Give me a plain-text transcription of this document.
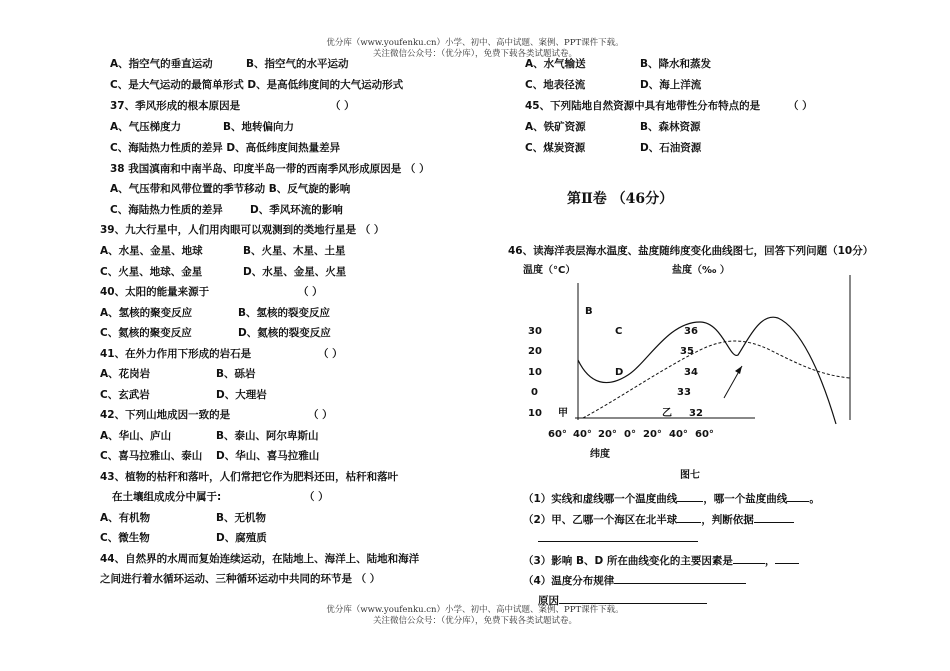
优分库（www.youfenku.cn）小学、初中、高中试题、案例、PPT课件下载。
关注微信公众号：（优分库），免费下载各类试题试卷。
优分库（www.youfenku.cn）小学、初中、高中试题、案例、PPT课件下载。
关注微信公众号：（优分库），免费下载各类试题试卷。
A、指空气的垂直运动	B、指空气的水平运动
C、是大气运动的最简单形式 D、是高低纬度间的大气运动形式
37、季风形成的根本原因是	（ ）
A、气压梯度力	B、地转偏向力
C、海陆热力性质的差异 D、高低纬度间热量差异
38 我国滇南和中南半岛、印度半岛一带的西南季风形成原因是 （ ）
A、气压带和风带位置的季节移动 B、反气旋的影响
C、海陆热力性质的差异	D、季风环流的影响
39、九大行星中，人们用肉眼可以观测到的类地行星是 （ ）
A、水星、金星、地球	B、火星、木星、土星
C、火星、地球、金星	D、水星、金星、火星
40、太阳的能量来源于	（ ）
A、氢核的聚变反应	B、氢核的裂变反应
C、氦核的聚变反应	D、氦核的裂变反应
41、在外力作用下形成的岩石是	（ ）
A、花岗岩	B、砾岩
C、玄武岩	D、大理岩
42、下列山地成因一致的是	（ ）
A、华山、庐山	B、泰山、阿尔卑斯山
C、喜马拉雅山、泰山 D、华山、喜马拉雅山
43、植物的枯秆和落叶，人们常把它作为肥料还田，枯秆和落叶
在土壤组成成分中属于:	（ ）
A、有机物	B、无机物
C、微生物	D、腐殖质
44、自然界的水周而复始连续运动，在陆地上、海洋上、陆地和海洋
之间进行着水循环运动、三种循环运动中共同的环节是 （ ）
A、水气输送	B、降水和蒸发
C、地表径流	D、海上洋流
45、下列陆地自然资源中具有地带性分布特点的是	（ ）
A、铁矿资源	B、森林资源
C、煤炭资源	D、石油资源
第Ⅱ卷 （46分）
46、读海洋表层海水温度、盐度随纬度变化曲线图七，回答下列问题（10分）
温度（°C）	盐度（‰ ）
B
C
D
甲	乙
30
20
10
0
10
36
35
34
33
32
60° 40° 20° 0° 20° 40° 60°
纬度
图七
（1）实线和虚线哪一个温度曲线 ，哪一个盐度曲线 。
（2）甲、乙哪一个海区在北半球 ，判断依据
（3）影响 B、D 所在曲线变化的主要因素是	，
（4）温度分布规律
原因
